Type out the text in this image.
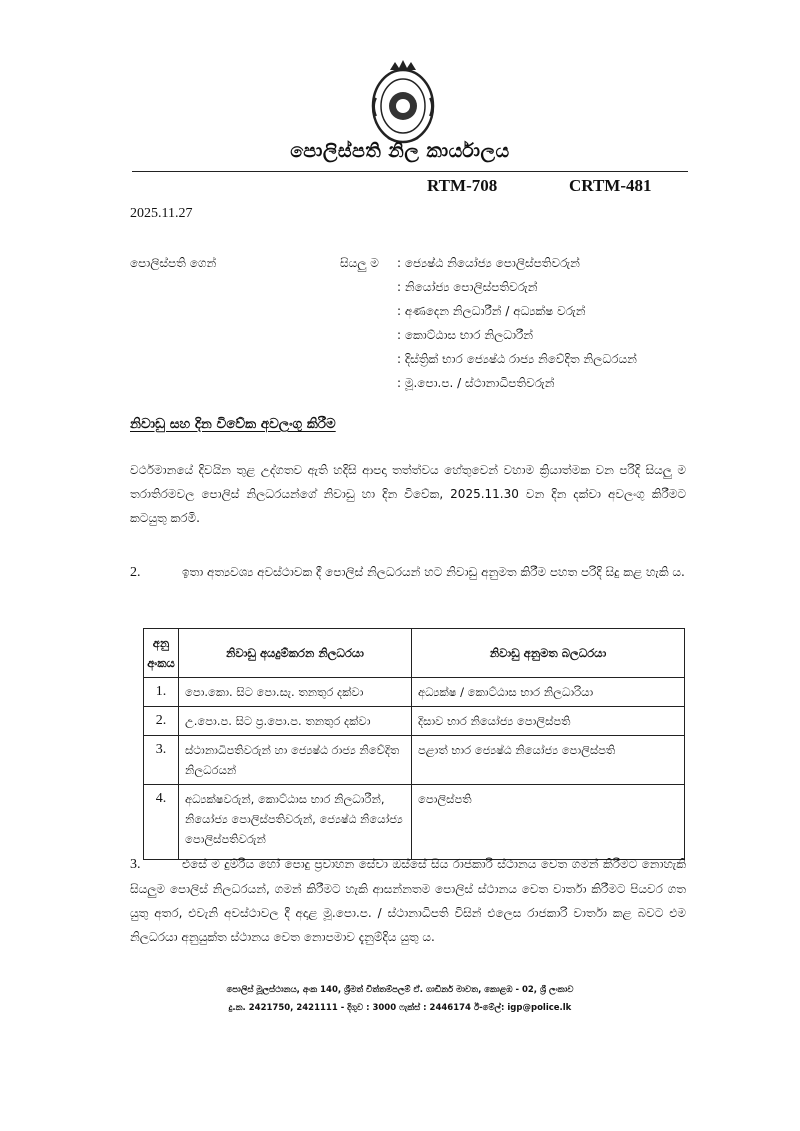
පොලිස්පති නිල කාර්යාලය
RTM-708	CRTM-481
2025.11.27
පොලිස්පති ගෙන්	සියලු ම : ජ්‍යෙෂ්ඨ නියෝජ්‍ය පොලිස්පතිවරුන්
: නියෝජ්‍ය පොලිස්පතිවරුන්
: අණදෙන නිලධාරීන් / අධ්‍යක්ෂ වරුන්
: කොට්ඨාස භාර නිලධාරීන්
: දිස්ත්‍රික් භාර ජ්‍යෙෂ්ඨ රාජ්‍ය නිවේදිත නිලධරයන්
: මූ.පො.ප. / ස්ථානාධිපතිවරුන්
නිවාඩු සහ දින විවේක අවලංගු කිරීම
වර්ථමානයේ දිවයින තුළ උද්ගතව ඇති හදිසි ආපදා තත්ත්වය හේතුවෙන් වහාම ක්‍රියාත්මක වන පරිදි සියලු ම තරාතිරමවල පොලිස් නිලධරයන්ගේ නිවාඩු හා දින විවේක, 2025.11.30 වන දින දක්වා අවලංගු කිරීමට කටයුතු කරමි.
2.	ඉතා අත්‍යවශ්‍ය අවස්ථාවක දී පොලිස් නිලධරයන් හට නිවාඩු අනුමත කිරීම පහත පරිදි සිදු කළ හැකි ය.
අනු අංකය	නිවාඩු අයදුම්කරන නිලධරයා	නිවාඩු අනුමත බලධරයා
1.	පො.කො. සිට පො.සැ. තනතුර දක්වා	අධ්‍යක්ෂ / කොට්ඨාස භාර නිලධාරියා
2.	උ.පො.ප. සිට ප්‍ර.පො.ප. තනතුර දක්වා	දිසාව භාර නියෝජ්‍ය පොලිස්පති
3.	ස්ථානාධිපතිවරුන් හා ජ්‍යෙෂ්ඨ රාජ්‍ය නිවේදිත නිලධරයන්	පළාත් භාර ජ්‍යෙෂ්ඨ නියෝජ්‍ය පොලිස්පති
4.	අධ්‍යක්ෂවරුන්, කොට්ඨාස භාර නිලධාරීන්, නියෝජ්‍ය පොලිස්පතිවරුන්, ජ්‍යෙෂ්ඨ නියෝජ්‍ය පොලිස්පතිවරුන්	පොලිස්පති
3.	එසේ ම දුම්රිය හෝ පොදු ප්‍රවාහන සේවා ඔස්සේ සිය රාජකාරි ස්ථානය වෙත ගමන් කිරීමට නොහැකි සියලුම පොලිස් නිලධරයන්, ගමන් කිරීමට හැකි ආසන්නතම පොලිස් ස්ථානය වෙත වාර්තා කිරීමට පියවර ගත යුතු අතර, එවැනි අවස්ථාවල දී අදාළ මූ.පො.ප. / ස්ථානාධිපති විසින් එලෙස රාජකාරි වාර්තා කළ බවට එම නිලධරයා අනුයුක්ත ස්ථානය වෙත නොපමාව දැනුම්දිය යුතු ය.
පොලිස් මූලස්ථානය, අංක 140, ශ්‍රීමත් චිත්තම්පලම් ඒ. ගාඩිනර් මාවත, කොළඹ - 02, ශ්‍රී ලංකාව
දු.ක. 2421750, 2421111 - දිගුව : 3000 ෆැක්ස් : 2446174 ඊ-මේල්: igp@police.lk
